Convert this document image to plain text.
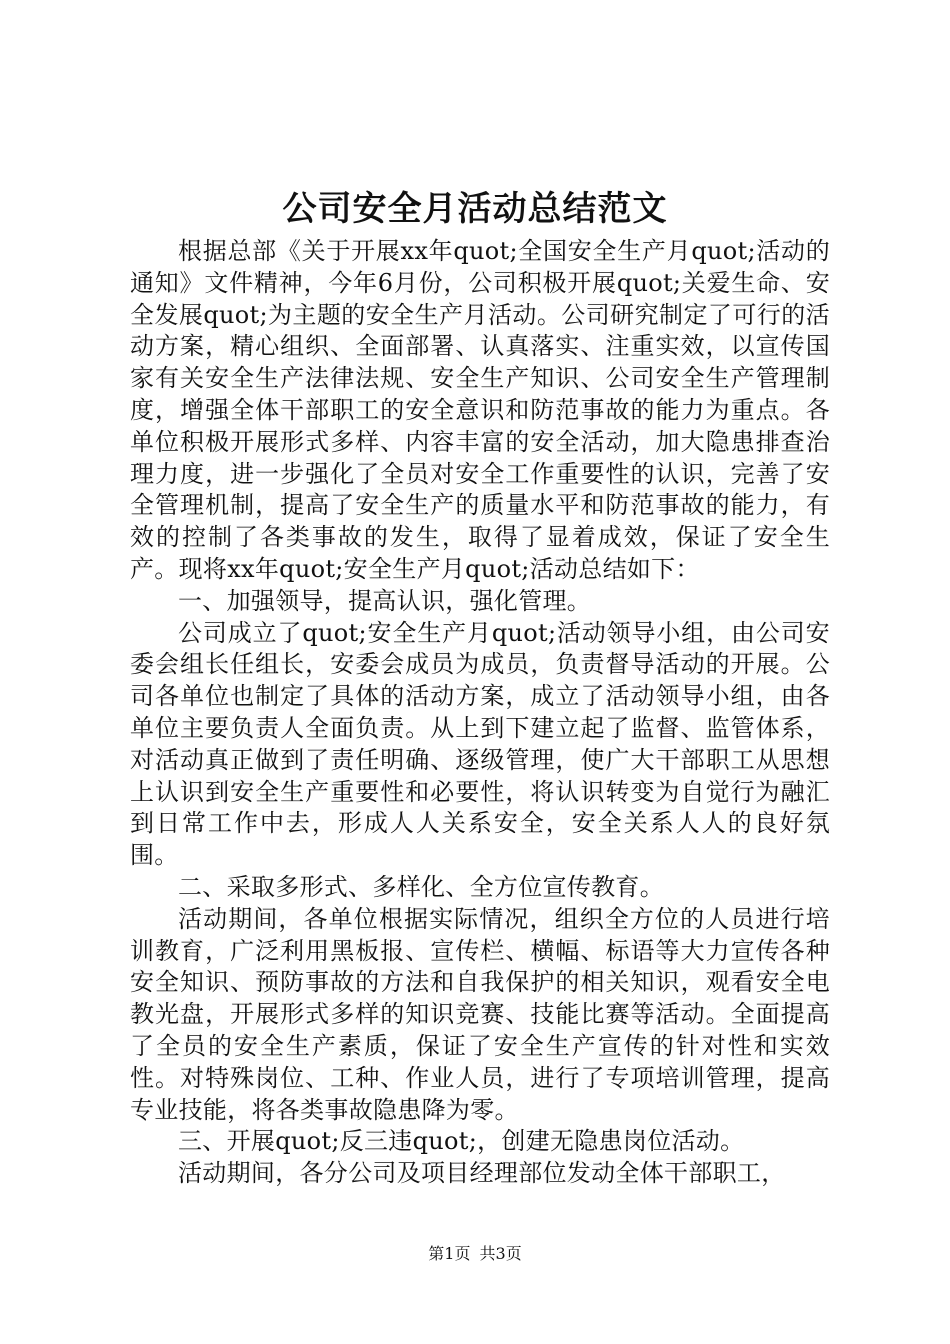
公司安全月活动总结范文

根据总部《关于开展xx年quot;全国安全生产月quot;活动的通知》文件精神，今年6月份，公司积极开展quot;关爱生命、安全发展quot;为主题的安全生产月活动。公司研究制定了可行的活动方案，精心组织、全面部署、认真落实、注重实效，以宣传国家有关安全生产法律法规、安全生产知识、公司安全生产管理制度，增强全体干部职工的安全意识和防范事故的能力为重点。各单位积极开展形式多样、内容丰富的安全活动，加大隐患排查治理力度，进一步强化了全员对安全工作重要性的认识，完善了安全管理机制，提高了安全生产的质量水平和防范事故的能力，有效的控制了各类事故的发生，取得了显着成效，保证了安全生产。现将xx年quot;安全生产月quot;活动总结如下：

一、加强领导，提高认识，强化管理。

公司成立了quot;安全生产月quot;活动领导小组，由公司安委会组长任组长，安委会成员为成员，负责督导活动的开展。公司各单位也制定了具体的活动方案，成立了活动领导小组，由各单位主要负责人全面负责。从上到下建立起了监督、监管体系，对活动真正做到了责任明确、逐级管理，使广大干部职工从思想上认识到安全生产重要性和必要性，将认识转变为自觉行为融汇到日常工作中去，形成人人关系安全，安全关系人人的良好氛围。

二、采取多形式、多样化、全方位宣传教育。

活动期间，各单位根据实际情况，组织全方位的人员进行培训教育，广泛利用黑板报、宣传栏、横幅、标语等大力宣传各种安全知识、预防事故的方法和自我保护的相关知识，观看安全电教光盘，开展形式多样的知识竞赛、技能比赛等活动。全面提高了全员的安全生产素质，保证了安全生产宣传的针对性和实效性。对特殊岗位、工种、作业人员，进行了专项培训管理，提高专业技能，将各类事故隐患降为零。

三、开展quot;反三违quot;，创建无隐患岗位活动。

活动期间，各分公司及项目经理部位发动全体干部职工，

第1页 共3页
